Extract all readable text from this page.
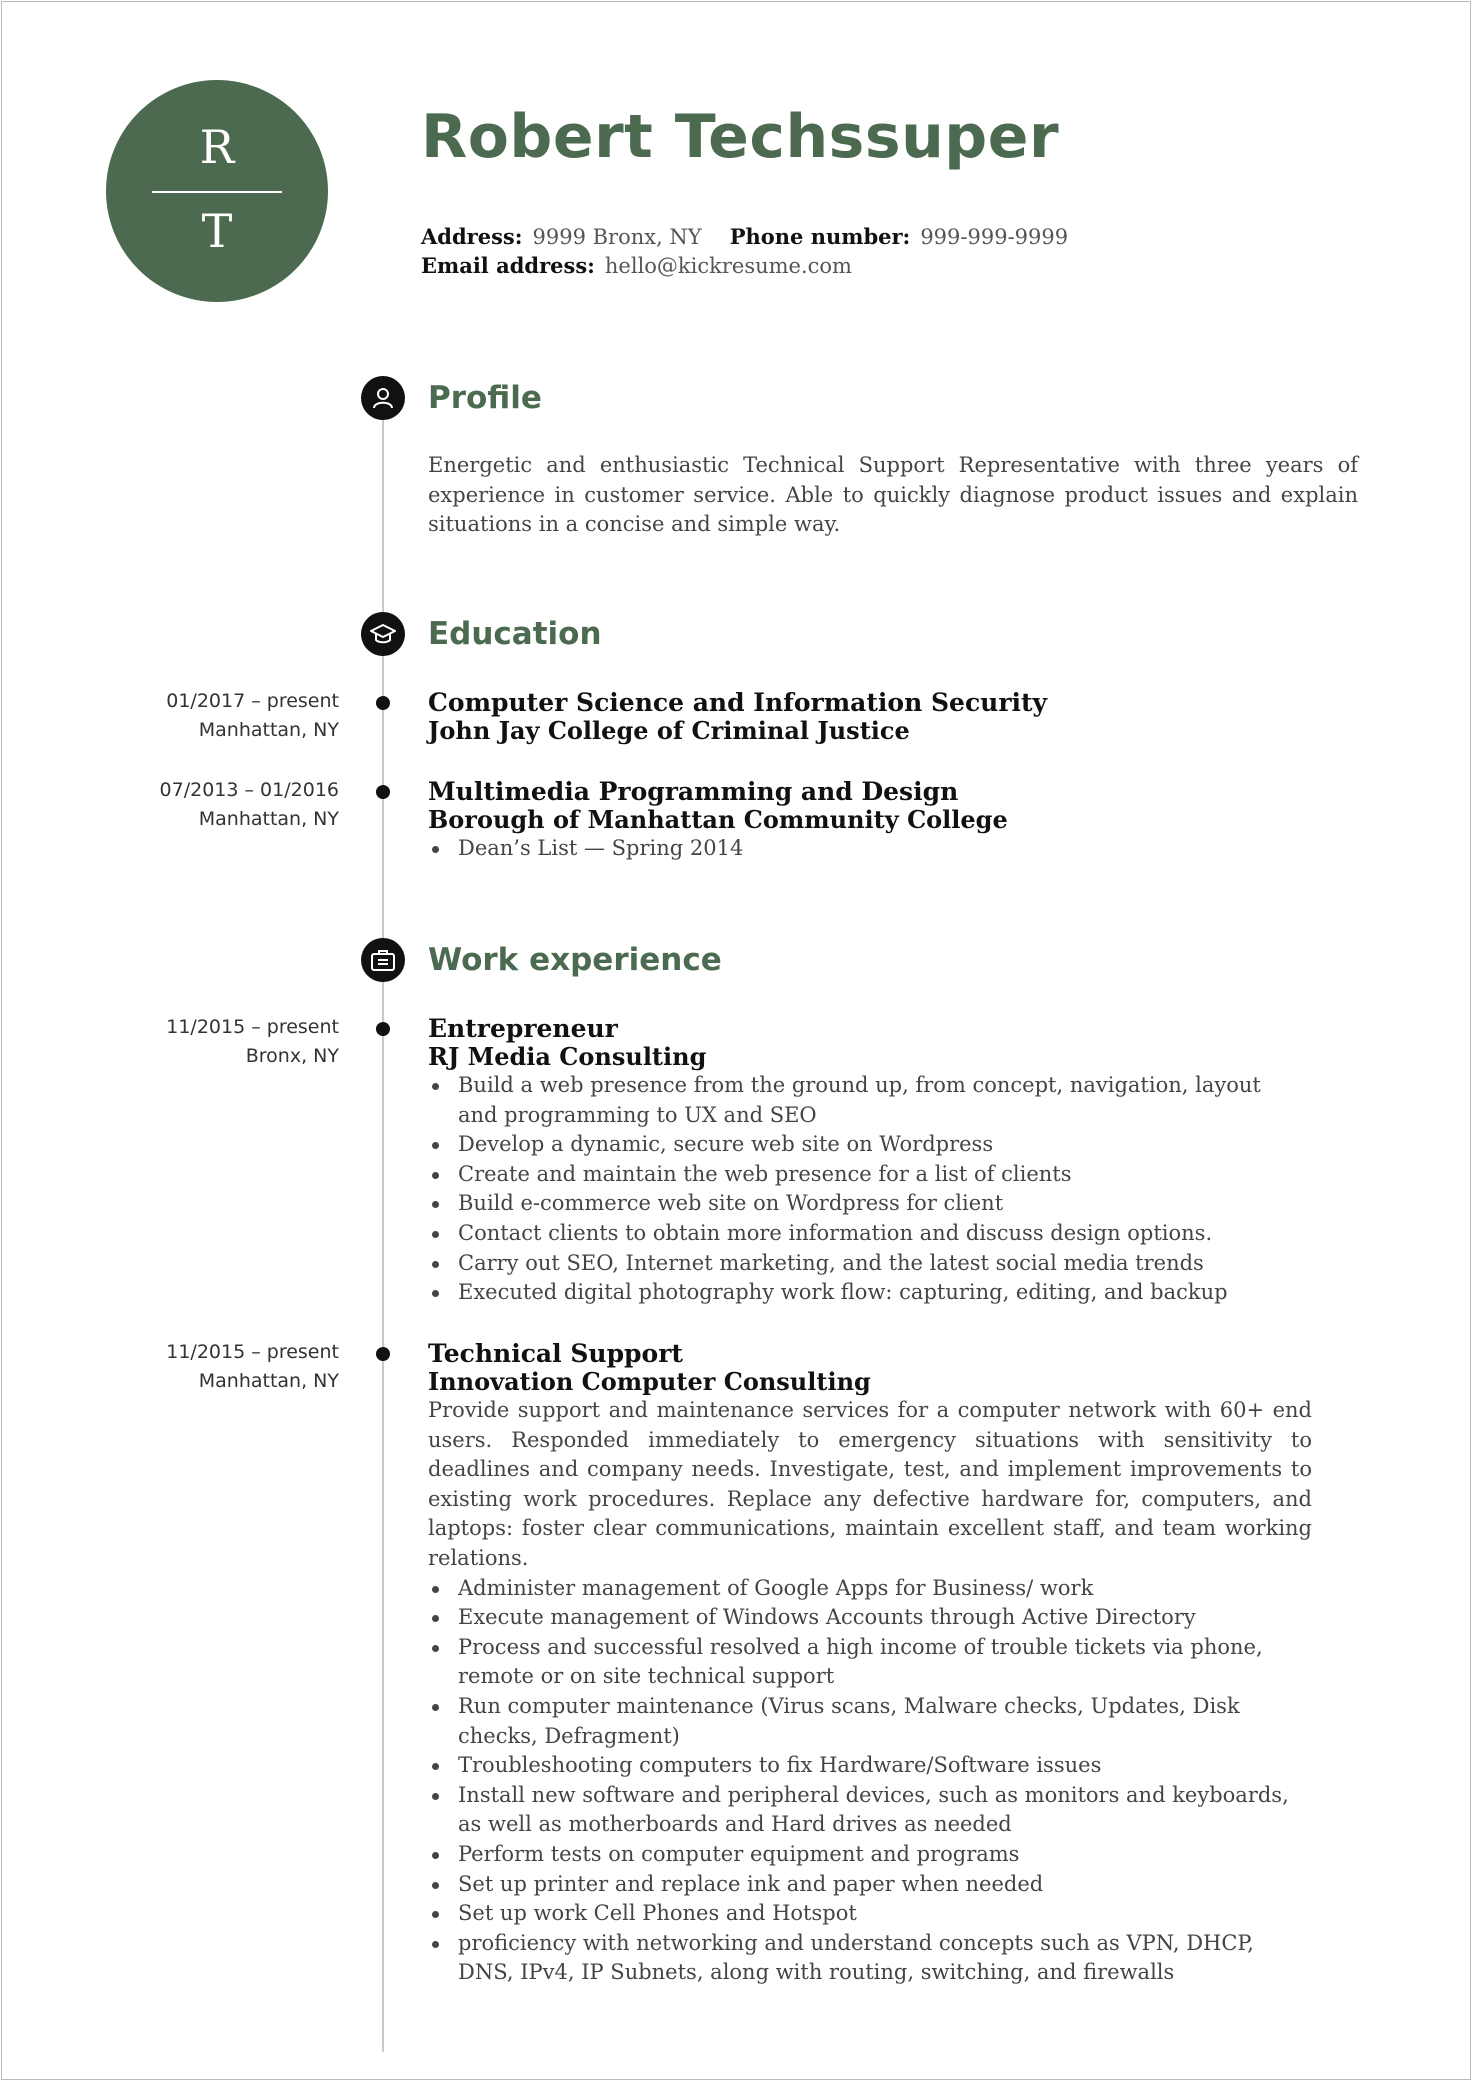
R
T
Robert Techssuper
Address: 9999 Bronx, NY Phone number: 999-999-9999
Email address: hello@kickresume.com
Profile

Energetic and enthusiastic Technical Support Representative with three years of experience in customer service. Able to quickly diagnose product issues and explain situations in a concise and simple way.

Education
01/2017 – present
Manhattan, NY
Computer Science and Information Security
John Jay College of Criminal Justice
07/2013 – 01/2016
Manhattan, NY
Multimedia Programming and Design
Borough of Manhattan Community College
Dean’s List — Spring 2014
Work experience
11/2015 – present
Bronx, NY
Entrepreneur
RJ Media Consulting
Build a web presence from the ground up, from concept, navigation, layout and programming to UX and SEO
Develop a dynamic, secure web site on Wordpress
Create and maintain the web presence for a list of clients
Build e-commerce web site on Wordpress for client
Contact clients to obtain more information and discuss design options.
Carry out SEO, Internet marketing, and the latest social media trends
Executed digital photography work flow: capturing, editing, and backup
11/2015 – present
Manhattan, NY
Technical Support
Innovation Computer Consulting

Provide support and maintenance services for a computer network with 60+ end users. Responded immediately to emergency situations with sensitivity to deadlines and company needs. Investigate, test, and implement improvements to existing work procedures. Replace any defective hardware for, computers, and laptops: foster clear communications, maintain excellent staff, and team working relations.

Administer management of Google Apps for Business/ work
Execute management of Windows Accounts through Active Directory
Process and successful resolved a high income of trouble tickets via phone, remote or on site technical support
Run computer maintenance (Virus scans, Malware checks, Updates, Disk checks, Defragment)
Troubleshooting computers to fix Hardware/Software issues
Install new software and peripheral devices, such as monitors and keyboards, as well as motherboards and Hard drives as needed
Perform tests on computer equipment and programs
Set up printer and replace ink and paper when needed
Set up work Cell Phones and Hotspot
proficiency with networking and understand concepts such as VPN, DHCP, DNS, IPv4, IP Subnets, along with routing, switching, and firewalls
